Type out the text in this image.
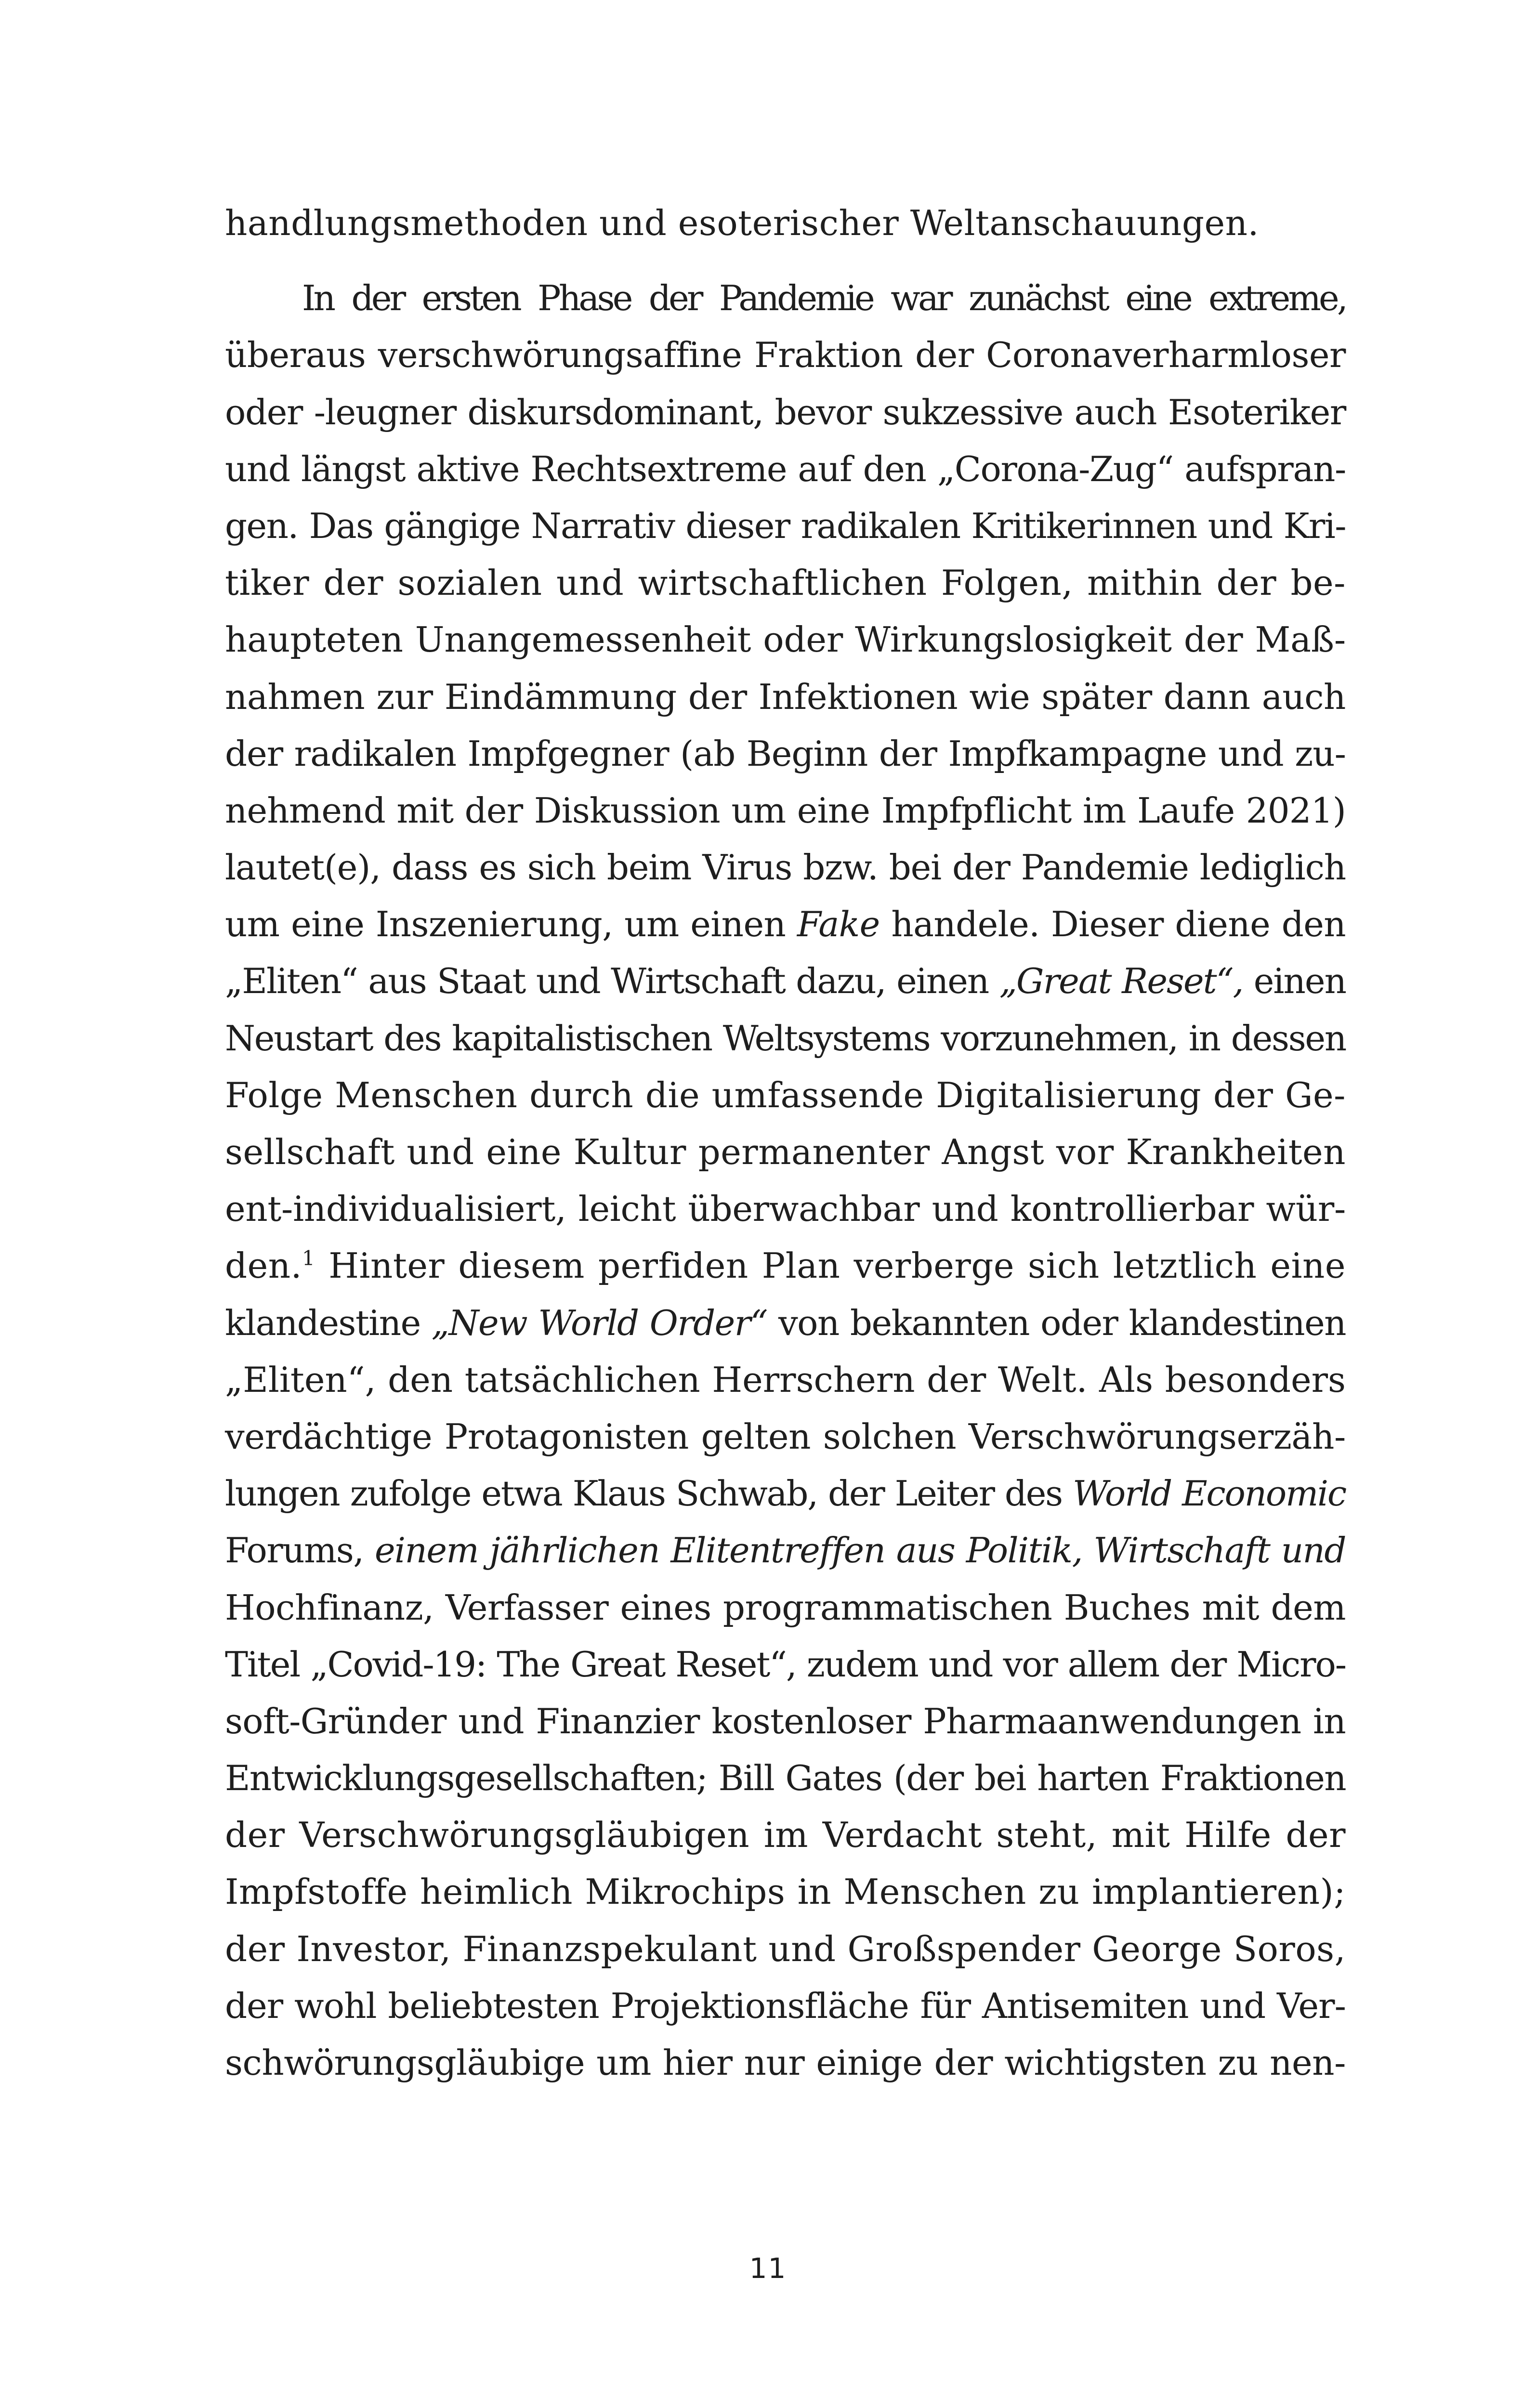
handlungsmethoden und esoterischer Weltanschauungen.
In der ersten Phase der Pandemie war zunächst eine extreme,
überaus verschwörungsaffine Fraktion der Coronaverharmloser
oder -leugner diskursdominant, bevor sukzessive auch Esoteriker
und längst aktive Rechtsextreme auf den „Corona-Zug“ aufspran-
gen. Das gängige Narrativ dieser radikalen Kritikerinnen und Kri-
tiker der sozialen und wirtschaftlichen Folgen, mithin der be-
haupteten Unangemessenheit oder Wirkungslosigkeit der Maß-
nahmen zur Eindämmung der Infektionen wie später dann auch
der radikalen Impfgegner (ab Beginn der Impfkampagne und zu-
nehmend mit der Diskussion um eine Impfpflicht im Laufe 2021)
lautet(e), dass es sich beim Virus bzw. bei der Pandemie lediglich
um eine Inszenierung, um einen Fake handele. Dieser diene den
„Eliten“ aus Staat und Wirtschaft dazu, einen „Great Reset“, einen
Neustart des kapitalistischen Weltsystems vorzunehmen, in dessen
Folge Menschen durch die umfassende Digitalisierung der Ge-
sellschaft und eine Kultur permanenter Angst vor Krankheiten
ent-individualisiert, leicht überwachbar und kontrollierbar wür-
den.$^1$ Hinter diesem perfiden Plan verberge sich letztlich eine
klandestine „New World Order“ von bekannten oder klandestinen
„Eliten“, den tatsächlichen Herrschern der Welt. Als besonders
verdächtige Protagonisten gelten solchen Verschwörungserzäh-
lungen zufolge etwa Klaus Schwab, der Leiter des World Economic
Forums, einem jährlichen Elitentreffen aus Politik, Wirtschaft und
Hochfinanz, Verfasser eines programmatischen Buches mit dem
Titel „Covid-19: The Great Reset“, zudem und vor allem der Micro-
soft-Gründer und Finanzier kostenloser Pharmaanwendungen in
Entwicklungsgesellschaften; Bill Gates (der bei harten Fraktionen
der Verschwörungsgläubigen im Verdacht steht, mit Hilfe der
Impfstoffe heimlich Mikrochips in Menschen zu implantieren);
der Investor, Finanzspekulant und Großspender George Soros,
der wohl beliebtesten Projektionsfläche für Antisemiten und Ver-
schwörungsgläubige um hier nur einige der wichtigsten zu nen-
11
